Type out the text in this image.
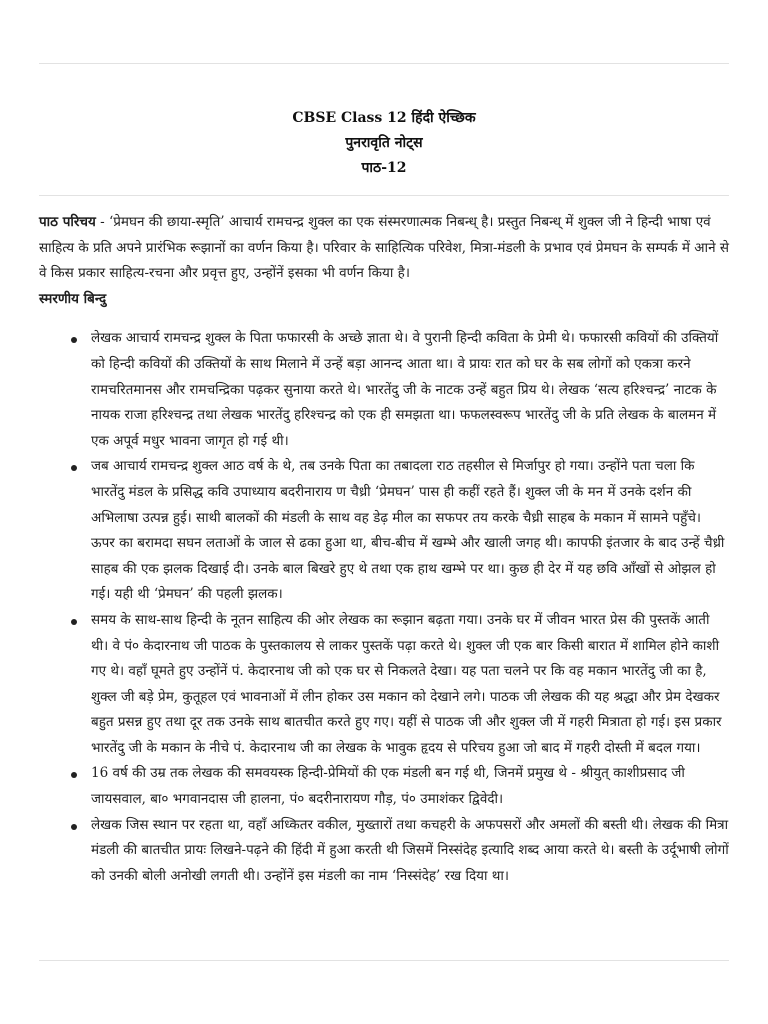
CBSE Class 12 हिंदी ऐच्छिक
पुनरावृति नोट्स
पाठ-12

पाठ परिचय - ‘प्रेमघन की छाया-स्मृति’ आचार्य रामचन्द्र शुक्ल का एक संस्मरणात्मक निबन्ध् है। प्रस्तुत निबन्ध् में शुक्ल जी ने हिन्दी भाषा एवं साहित्य के प्रति अपने प्रारंभिक रूझानों का वर्णन किया है। परिवार के साहित्यिक परिवेश, मित्रा-मंडली के प्रभाव एवं प्रेमघन के सम्पर्क में आने से वे किस प्रकार साहित्य-रचना और प्रवृत्त हुए, उन्होंनें इसका भी वर्णन किया है।

स्मरणीय बिन्दु
लेखक आचार्य रामचन्द्र शुक्ल के पिता फफारसी के अच्छे ज्ञाता थे। वे पुरानी हिन्दी कविता के प्रेमी थे। फफारसी कवियों की उक्तियों को हिन्दी कवियों की उक्तियों के साथ मिलाने में उन्हें बड़ा आनन्द आता था। वे प्रायः रात को घर के सब लोगों को एकत्रा करने रामचरितमानस और रामचन्द्रिका पढ़कर सुनाया करते थे। भारतेंदु जी के नाटक उन्हें बहुत प्रिय थे। लेखक ‘सत्य हरिश्चन्द्र’ नाटक के नायक राजा हरिश्चन्द्र तथा लेखक भारतेंदु हरिश्चन्द्र को एक ही समझता था। फफलस्वरूप भारतेंदु जी के प्रति लेखक के बालमन में एक अपूर्व मधुर भावना जागृत हो गई थी।
जब आचार्य रामचन्द्र शुक्ल आठ वर्ष के थे, तब उनके पिता का तबादला राठ तहसील से मिर्जापुर हो गया। उन्होंने पता चला कि भारतेंदु मंडल के प्रसिद्ध कवि उपाध्याय बदरीनाराय ण चैध्री ‘प्रेमघन’ पास ही कहीं रहते हैं। शुक्ल जी के मन में उनके दर्शन की अभिलाषा उत्पन्न हुई। साथी बालकों की मंडली के साथ वह डेढ़ मील का सफपर तय करके चैध्री साहब के मकान में सामने पहुँचे। ऊपर का बरामदा सघन लताओं के जाल से ढका हुआ था, बीच-बीच में खम्भे और खाली जगह थी। कापफी इंतजार के बाद उन्हें चैध्री साहब की एक झलक दिखाई दी। उनके बाल बिखरे हुए थे तथा एक हाथ खम्भे पर था। कुछ ही देर में यह छवि आँखों से ओझल हो गई। यही थी ‘प्रेमघन’ की पहली झलक।
समय के साथ-साथ हिन्दी के नूतन साहित्य की ओर लेखक का रूझान बढ़ता गया। उनके घर में जीवन भारत प्रेस की पुस्तकें आती थी। वे पं० केदारनाथ जी पाठक के पुस्तकालय से लाकर पुस्तकें पढ़ा करते थे। शुक्ल जी एक बार किसी बारात में शामिल होने काशी गए थे। वहाँ घूमते हुए उन्होंनें पं. केदारनाथ जी को एक घर से निकलते देखा। यह पता चलने पर कि वह मकान भारतेंदु जी का है, शुक्ल जी बड़े प्रेम, कुतूहल एवं भावनाओं में लीन होकर उस मकान को देखाने लगे। पाठक जी लेखक की यह श्रद्धा और प्रेम देखकर बहुत प्रसन्न हुए तथा दूर तक उनके साथ बातचीत करते हुए गए। यहीं से पाठक जी और शुक्ल जी में गहरी मित्राता हो गई। इस प्रकार भारतेंदु जी के मकान के नीचे पं. केदारनाथ जी का लेखक के भावुक हृदय से परिचय हुआ जो बाद में गहरी दोस्ती में बदल गया।
16 वर्ष की उम्र तक लेखक की समवयस्क हिन्दी-प्रेमियों की एक मंडली बन गई थी, जिनमें प्रमुख थे - श्रीयुत् काशीप्रसाद जी जायसवाल, बा० भगवानदास जी हालना, पं० बदरीनारायण गौड़, पं० उमाशंकर द्विवेदी।
लेखक जिस स्थान पर रहता था, वहाँ अध्कितर वकील, मुख्तारों तथा कचहरी के अफपसरों और अमलों की बस्ती थी। लेखक की मित्रा मंडली की बातचीत प्रायः लिखने-पढ़ने की हिंदी में हुआ करती थी जिसमें निस्संदेह इत्यादि शब्द आया करते थे। बस्ती के उर्दूभाषी लोगों को उनकी बोली अनोखी लगती थी। उन्होंनें इस मंडली का नाम ‘निस्संदेह’ रख दिया था।
